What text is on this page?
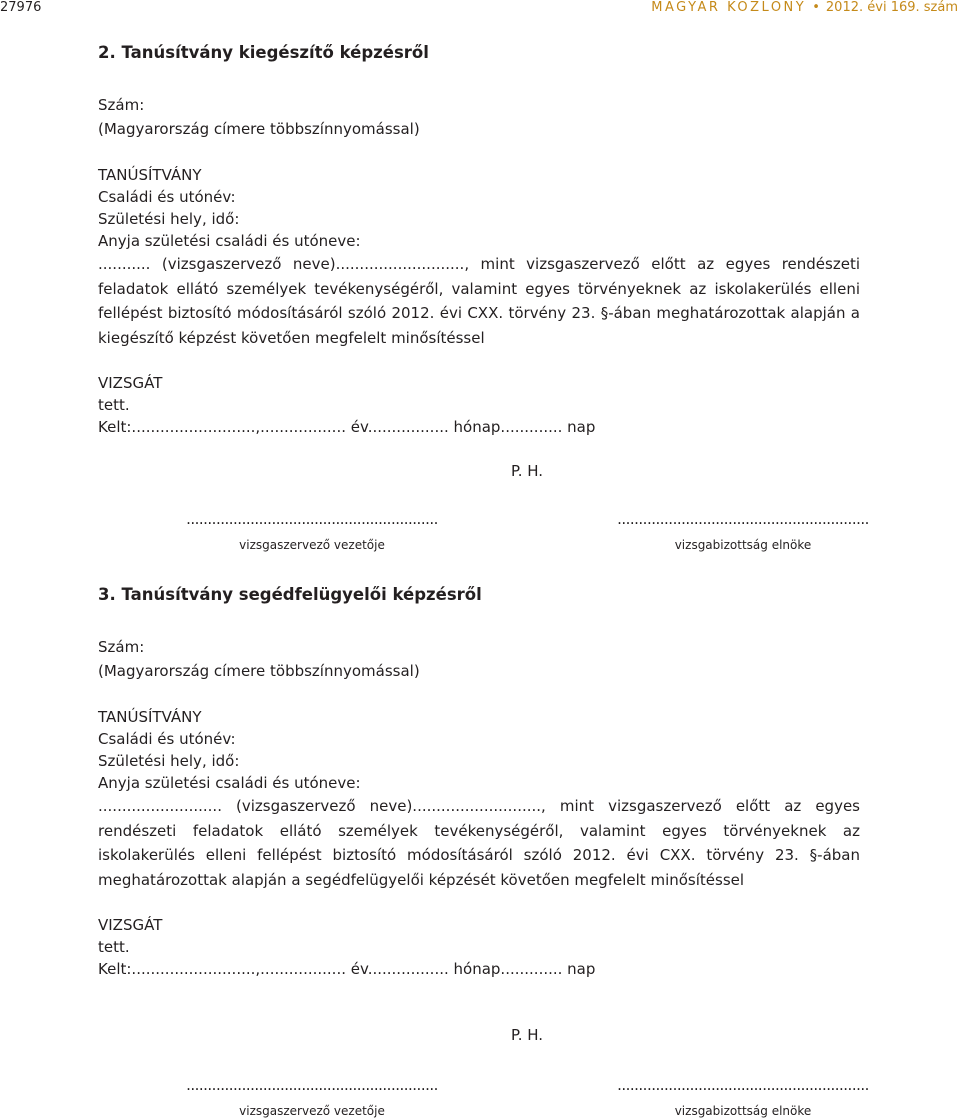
27976	MAGYAR KÖZLÖNY • 2012. évi 169. szám
2. Tanúsítvány kiegészítő képzésről
Szám:
(Magyarország címere többszínnyomással)
TANÚSÍTVÁNY
Családi és utónév:
Születési hely, idő:
Anyja születési családi és utóneve:
........... (vizsgaszervező neve)..........................., mint vizsgaszervező előtt az egyes rendészeti feladatok ellátó személyek tevékenységéről, valamint egyes törvényeknek az iskolakerülés elleni fellépést biztosító módosításáról szóló 2012. évi CXX. törvény 23. §-ában meghatározottak alapján a kiegészítő képzést követően megfelelt minősítéssel
VIZSGÁT
tett.
Kelt:..........................,.................. év................. hónap............. nap
P. H.
...........................................................
vizsgaszervező vezetője
...........................................................
vizsgabizottság elnöke
3. Tanúsítvány segédfelügyelői képzésről
Szám:
(Magyarország címere többszínnyomással)
TANÚSÍTVÁNY
Családi és utónév:
Születési hely, idő:
Anyja születési családi és utóneve:
.......................... (vizsgaszervező neve)..........................., mint vizsgaszervező előtt az egyes rendészeti feladatok ellátó személyek tevékenységéről, valamint egyes törvényeknek az iskolakerülés elleni fellépést biztosító módosításáról szóló 2012. évi CXX. törvény 23. §-ában meghatározottak alapján a segédfelügyelői képzését követően megfelelt minősítéssel
VIZSGÁT
tett.
Kelt:..........................,.................. év................. hónap............. nap
P. H.
...........................................................
vizsgaszervező vezetője
...........................................................
vizsgabizottság elnöke
